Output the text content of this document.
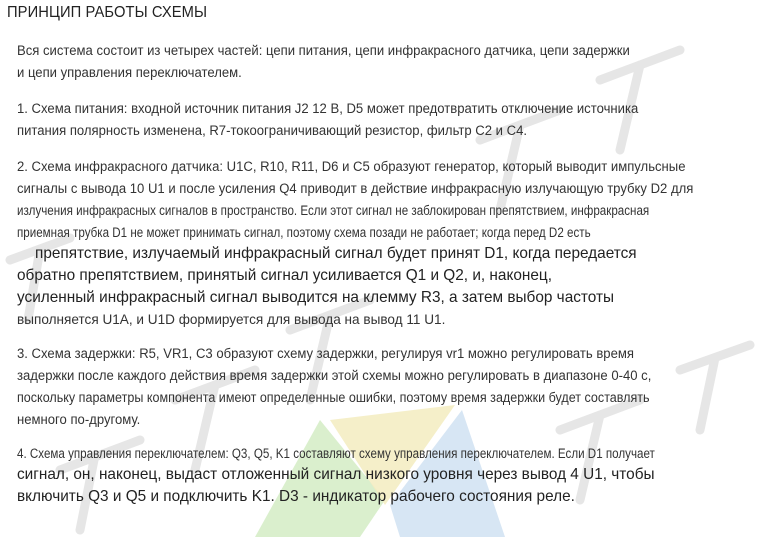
ПРИНЦИП РАБОТЫ СХЕМЫ
Вся система состоит из четырех частей: цепи питания, цепи инфракрасного датчика, цепи задержки
и цепи управления переключателем.
1. Схема питания: входной источник питания J2 12 В, D5 может предотвратить отключение источника
питания полярность изменена, R7-токоограничивающий резистор, фильтр C2 и C4.
2. Схема инфракрасного датчика: U1C, R10, R11, D6 и C5 образуют генератор, который выводит импульсные
сигналы с вывода 10 U1 и после усиления Q4 приводит в действие инфракрасную излучающую трубку D2 для
излучения инфракрасных сигналов в пространство. Если этот сигнал не заблокирован препятствием, инфракрасная
приемная трубка D1 не может принимать сигнал, поэтому схема позади не работает; когда перед D2 есть
препятствие, излучаемый инфракрасный сигнал будет принят D1, когда передается
обратно препятствием, принятый сигнал усиливается Q1 и Q2, и, наконец,
усиленный инфракрасный сигнал выводится на клемму R3, а затем выбор частоты
выполняется U1A, и U1D формируется для вывода на вывод 11 U1.
3. Схема задержки: R5, VR1, C3 образуют схему задержки, регулируя vr1 можно регулировать время
задержки после каждого действия время задержки этой схемы можно регулировать в диапазоне 0-40 с,
поскольку параметры компонента имеют определенные ошибки, поэтому время задержки будет составлять
немного по-другому.
4. Схема управления переключателем: Q3, Q5, K1 составляют схему управления переключателем. Если D1 получает
сигнал, он, наконец, выдаст отложенный сигнал низкого уровня через вывод 4 U1, чтобы
включить Q3 и Q5 и подключить K1. D3 - индикатор рабочего состояния реле.
